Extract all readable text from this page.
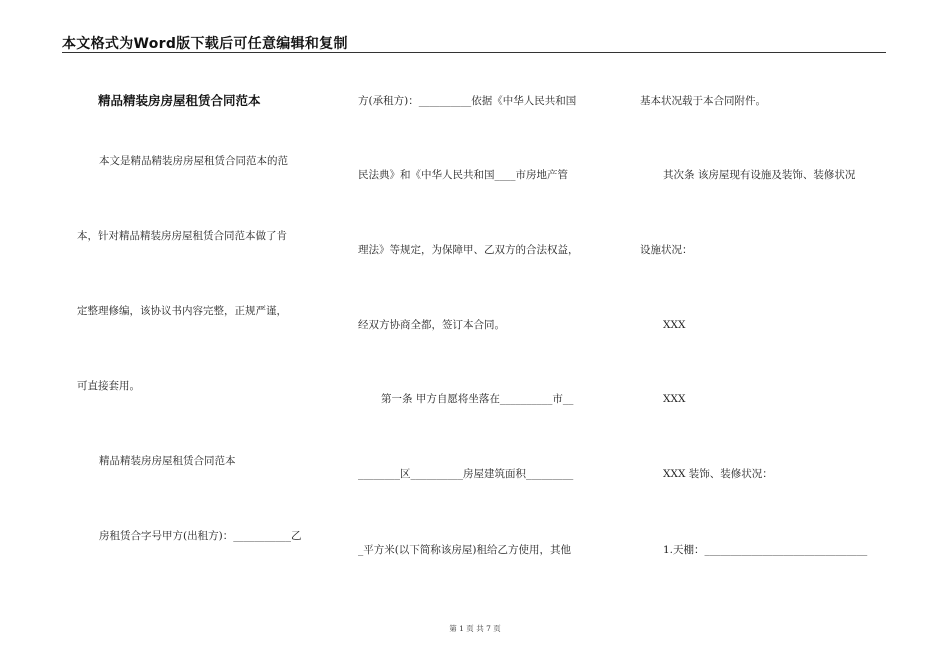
本文格式为Word版下载后可任意编辑和复制
精品精装房房屋租赁合同范本
本文是精品精装房房屋租赁合同范本的范
本，针对精品精装房房屋租赁合同范本做了肯
定整理修编，该协议书内容完整，正规严谨，
可直接套用。
精品精装房房屋租赁合同范本
房租赁合字号甲方(出租方)：___________乙
方(承租方)：__________依据《中华人民共和国
民法典》和《中华人民共和国____市房地产管
理法》等规定，为保障甲、乙双方的合法权益，
经双方协商全都，签订本合同。
第一条 甲方自愿将坐落在__________市__
________区__________房屋建筑面积_________
_平方米(以下简称该房屋)租给乙方使用，其他
基本状况载于本合同附件。
其次条 该房屋现有设施及装饰、装修状况
设施状况：
XXX
XXX
XXX 装饰、装修状况：
1.天棚：_______________________________
第 1 页 共 7 页
